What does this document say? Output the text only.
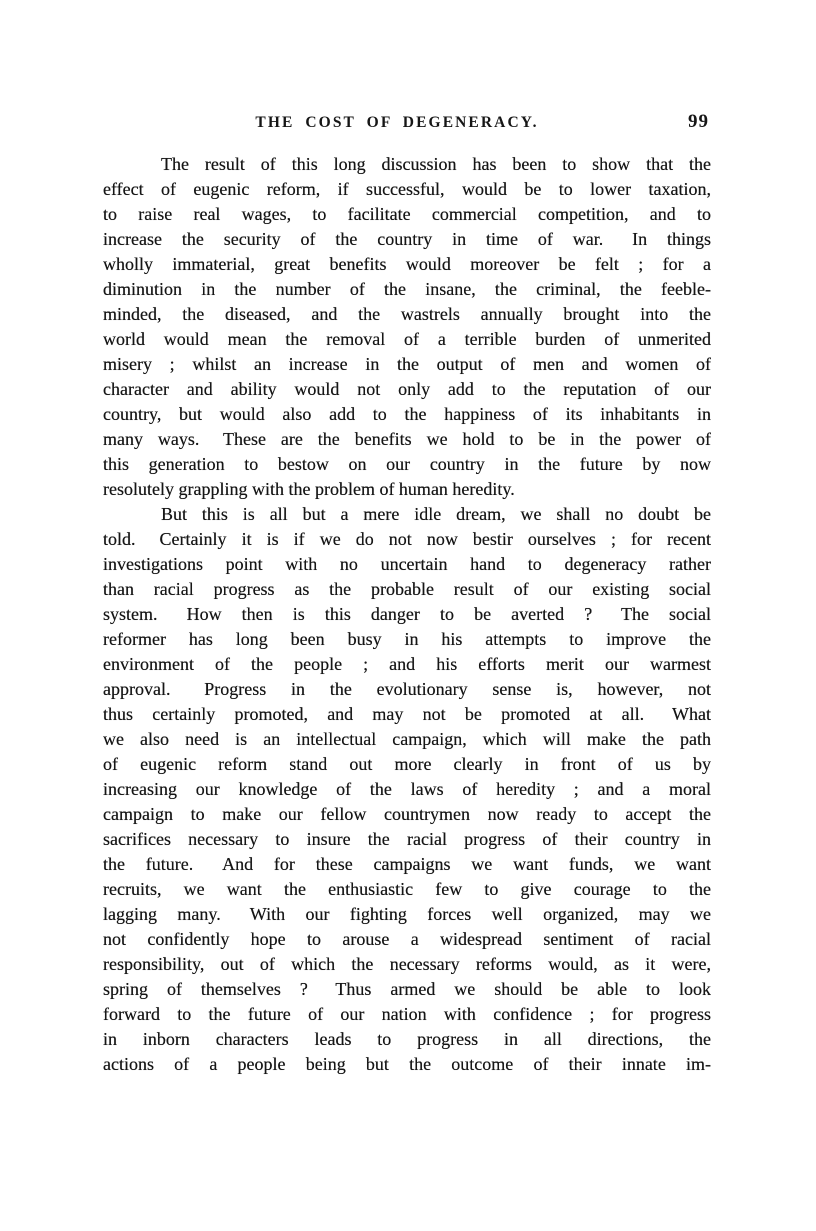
THE COST OF DEGENERACY.	99
The result of this long discussion has been to show that the
effect of eugenic reform, if successful, would be to lower taxation,
to raise real wages, to facilitate commercial competition, and to
increase the security of the country in time of war.  In things
wholly immaterial, great benefits would moreover be felt ; for a
diminution in the number of the insane, the criminal, the feeble-
minded, the diseased, and the wastrels annually brought into the
world would mean the removal of a terrible burden of unmerited
misery ; whilst an increase in the output of men and women of
character and ability would not only add to the reputation of our
country, but would also add to the happiness of its inhabitants in
many ways.  These are the benefits we hold to be in the power of
this generation to bestow on our country in the future by now
resolutely grappling with the problem of human heredity.
But this is all but a mere idle dream, we shall no doubt be
told.  Certainly it is if we do not now bestir ourselves ; for recent
investigations point with no uncertain hand to degeneracy rather
than racial progress as the probable result of our existing social
system.  How then is this danger to be averted ?  The social
reformer has long been busy in his attempts to improve the
environment of the people ; and his efforts merit our warmest
approval.  Progress in the evolutionary sense is, however, not
thus certainly promoted, and may not be promoted at all.  What
we also need is an intellectual campaign, which will make the path
of eugenic reform stand out more clearly in front of us by
increasing our knowledge of the laws of heredity ; and a moral
campaign to make our fellow countrymen now ready to accept the
sacrifices necessary to insure the racial progress of their country in
the future.  And for these campaigns we want funds, we want
recruits, we want the enthusiastic few to give courage to the
lagging many.  With our fighting forces well organized, may we
not confidently hope to arouse a widespread sentiment of racial
responsibility, out of which the necessary reforms would, as it were,
spring of themselves ?  Thus armed we should be able to look
forward to the future of our nation with confidence ; for progress
in inborn characters leads to progress in all directions, the
actions of a people being but the outcome of their innate im-
